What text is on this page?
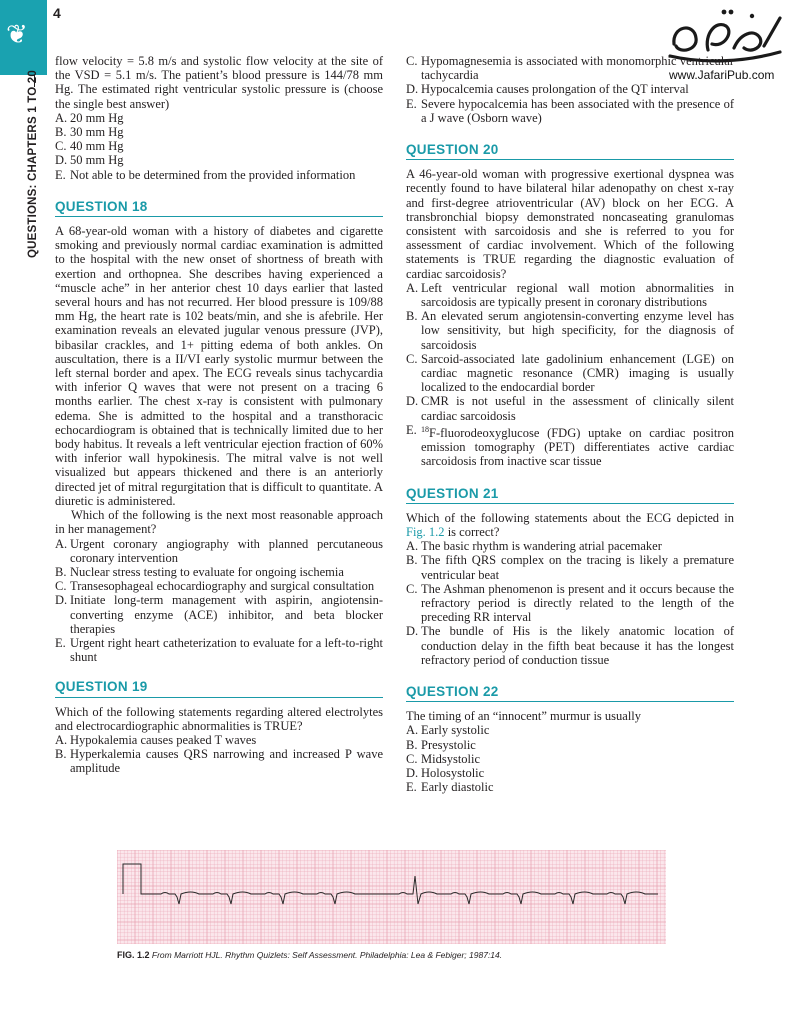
❦
4
QUESTIONS: CHAPTERS 1 TO 20	www.JafariPub.com

flow velocity = 5.8 m/s and systolic flow velocity at the site of the VSD = 5.1 m/s. The patient’s blood pressure is 144/78 mm Hg. The estimated right ventricular systolic pressure is (choose the single best answer)

A. 20 mm Hg
B. 30 mm Hg
C. 40 mm Hg
D. 50 mm Hg
E. Not able to be determined from the provided information
QUESTION 18

A 68-year-old woman with a history of diabetes and cigarette smoking and previously normal cardiac examination is admitted to the hospital with the new onset of shortness of breath with exertion and orthopnea. She describes having experienced a “muscle ache” in her anterior chest 10 days earlier that lasted several hours and has not recurred. Her blood pressure is 109/88 mm Hg, the heart rate is 102 beats/min, and she is afebrile. Her examination reveals an elevated jugular venous pressure (JVP), bibasilar crackles, and 1+ pitting edema of both ankles. On auscultation, there is a II/VI early systolic murmur between the left sternal border and apex. The ECG reveals sinus tachycardia with inferior Q waves that were not present on a tracing 6 months earlier. The chest x-ray is consistent with pulmonary edema. She is admitted to the hospital and a transthoracic echocardiogram is obtained that is technically limited due to her body habitus. It reveals a left ventricular ejection fraction of 60% with inferior wall hypokinesis. The mitral valve is not well visualized but appears thickened and there is an anteriorly directed jet of mitral regurgitation that is difficult to quantitate. A diuretic is administered.

Which of the following is the next most reasonable approach in her management?

A. Urgent coronary angiography with planned percutaneous coronary intervention
B. Nuclear stress testing to evaluate for ongoing ischemia
C. Transesophageal echocardiography and surgical consultation
D. Initiate long-term management with aspirin, angiotensin-converting enzyme (ACE) inhibitor, and beta blocker therapies
E. Urgent right heart catheterization to evaluate for a left-to-right shunt
QUESTION 19

Which of the following statements regarding altered electrolytes and electrocardiographic abnormalities is TRUE?

A. Hypokalemia causes peaked T waves
B. Hyperkalemia causes QRS narrowing and increased P wave amplitude
C. Hypomagnesemia is associated with monomorphic ventricular tachycardia
D. Hypocalcemia causes prolongation of the QT interval
E. Severe hypocalcemia has been associated with the presence of a J wave (Osborn wave)
QUESTION 20

A 46-year-old woman with progressive exertional dyspnea was recently found to have bilateral hilar adenopathy on chest x-ray and first-degree atrioventricular (AV) block on her ECG. A transbronchial biopsy demonstrated noncaseating granulomas consistent with sarcoidosis and she is referred to you for assessment of cardiac involvement. Which of the following statements is TRUE regarding the diagnostic evaluation of cardiac sarcoidosis?

A. Left ventricular regional wall motion abnormalities in sarcoidosis are typically present in coronary distributions
B. An elevated serum angiotensin-converting enzyme level has low sensitivity, but high specificity, for the diagnosis of sarcoidosis
C. Sarcoid-associated late gadolinium enhancement (LGE) on cardiac magnetic resonance (CMR) imaging is usually localized to the endocardial border
D. CMR is not useful in the assessment of clinically silent cardiac sarcoidosis
E. $^{18}$F-fluorodeoxyglucose (FDG) uptake on cardiac positron emission tomography (PET) differentiates active cardiac sarcoidosis from inactive scar tissue
QUESTION 21

Which of the following statements about the ECG depicted in Fig. 1.2 is correct?

A. The basic rhythm is wandering atrial pacemaker
B. The fifth QRS complex on the tracing is likely a premature ventricular beat
C. The Ashman phenomenon is present and it occurs because the refractory period is directly related to the length of the preceding RR interval
D. The bundle of His is the likely anatomic location of conduction delay in the fifth beat because it has the longest refractory period of conduction tissue
QUESTION 22

The timing of an “innocent” murmur is usually

A. Early systolic
B. Presystolic
C. Midsystolic
D. Holosystolic
E. Early diastolic
FIG. 1.2 From Marriott HJL. Rhythm Quizlets: Self Assessment. Philadelphia: Lea & Febiger; 1987:14.
